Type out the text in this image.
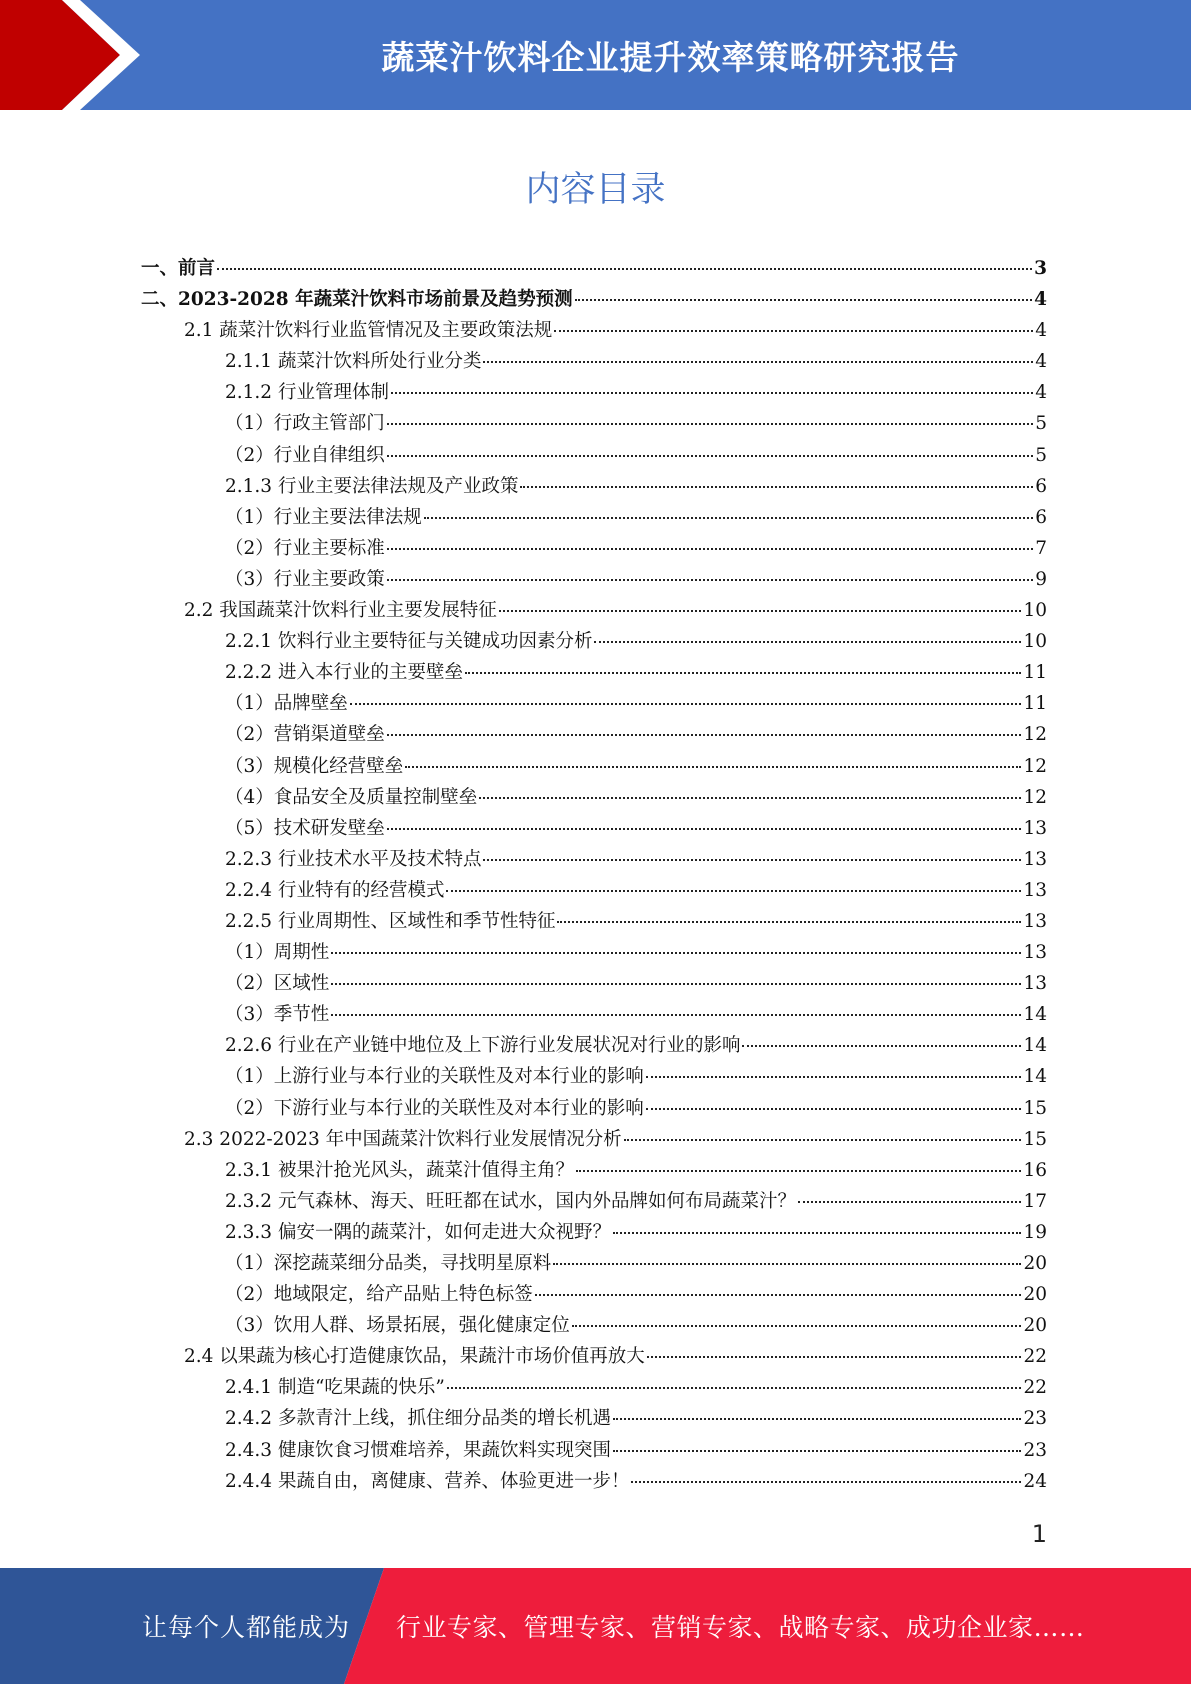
蔬菜汁饮料企业提升效率策略研究报告
内容目录
一、前言	3
二、2023-2028 年蔬菜汁饮料市场前景及趋势预测	4
2.1 蔬菜汁饮料行业监管情况及主要政策法规	4
2.1.1 蔬菜汁饮料所处行业分类	4
2.1.2 行业管理体制	4
（1）行政主管部门	5
（2）行业自律组织	5
2.1.3 行业主要法律法规及产业政策	6
（1）行业主要法律法规	6
（2）行业主要标准	7
（3）行业主要政策	9
2.2 我国蔬菜汁饮料行业主要发展特征	10
2.2.1 饮料行业主要特征与关键成功因素分析	10
2.2.2 进入本行业的主要壁垒	11
（1）品牌壁垒	11
（2）营销渠道壁垒	12
（3）规模化经营壁垒	12
（4）食品安全及质量控制壁垒	12
（5）技术研发壁垒	13
2.2.3 行业技术水平及技术特点	13
2.2.4 行业特有的经营模式	13
2.2.5 行业周期性、区域性和季节性特征	13
（1）周期性	13
（2）区域性	13
（3）季节性	14
2.2.6 行业在产业链中地位及上下游行业发展状况对行业的影响	14
（1）上游行业与本行业的关联性及对本行业的影响	14
（2）下游行业与本行业的关联性及对本行业的影响	15
2.3 2022-2023 年中国蔬菜汁饮料行业发展情况分析	15
2.3.1 被果汁抢光风头，蔬菜汁值得主角？	16
2.3.2 元气森林、海天、旺旺都在试水，国内外品牌如何布局蔬菜汁？	17
2.3.3 偏安一隅的蔬菜汁，如何走进大众视野？	19
（1）深挖蔬菜细分品类，寻找明星原料	20
（2）地域限定，给产品贴上特色标签	20
（3）饮用人群、场景拓展，强化健康定位	20
2.4 以果蔬为核心打造健康饮品，果蔬汁市场价值再放大	22
2.4.1 制造“吃果蔬的快乐”	22
2.4.2 多款青汁上线，抓住细分品类的增长机遇	23
2.4.3 健康饮食习惯难培养，果蔬饮料实现突围	23
2.4.4 果蔬自由，离健康、营养、体验更进一步！	24
1
让每个人都能成为 行业专家、管理专家、营销专家、战略专家、成功企业家……
